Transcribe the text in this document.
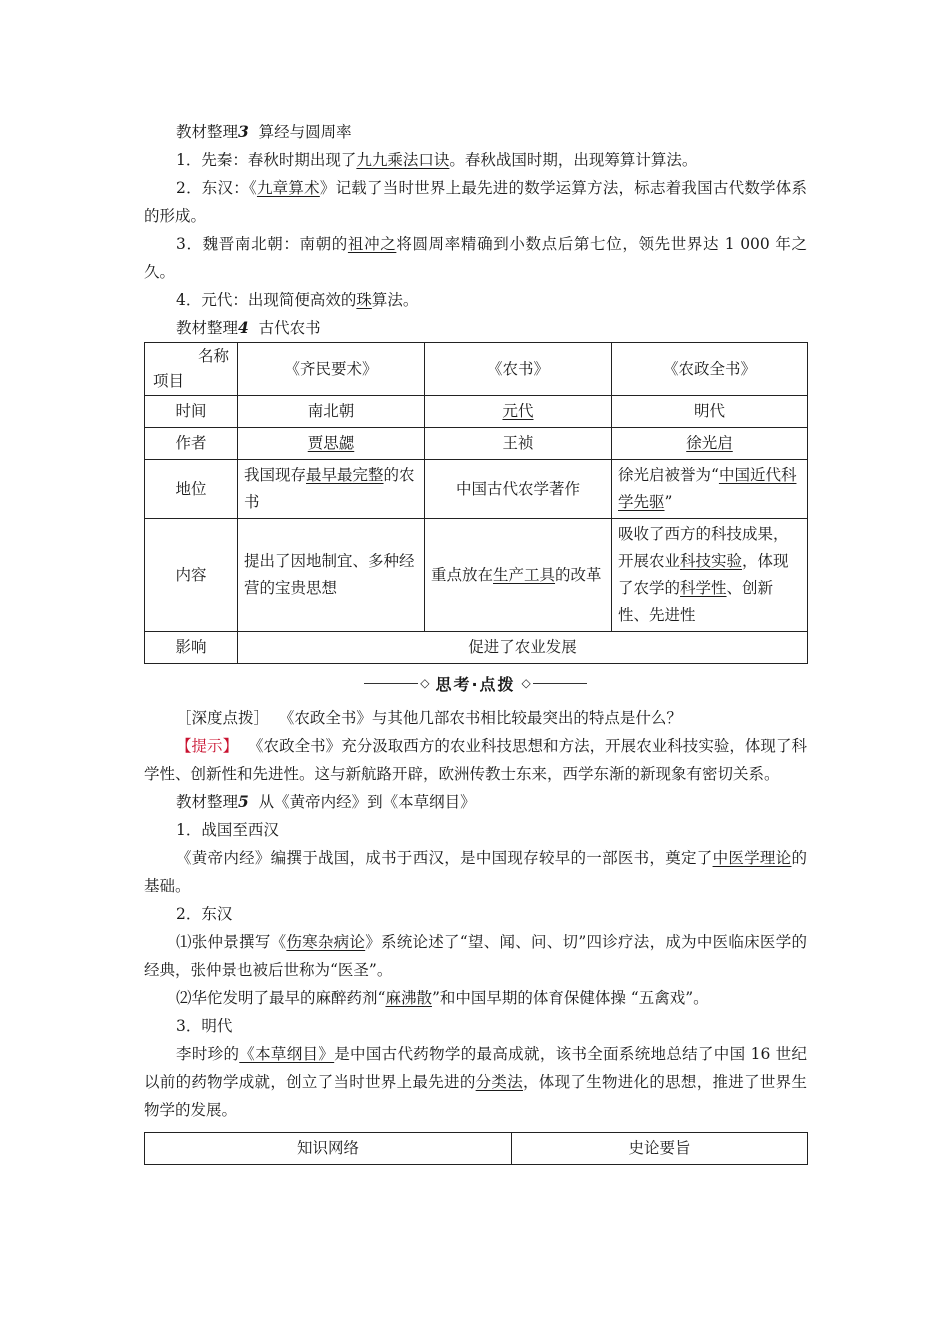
教材整理3 算经与圆周率

1．先秦：春秋时期出现了九九乘法口诀。春秋战国时期，出现筹算计算法。

2．东汉：《九章算术》记载了当时世界上最先进的数学运算方法，标志着我国古代数学体系的形成。

3．魏晋南北朝：南朝的祖冲之将圆周率精确到小数点后第七位，领先世界达 1 000 年之久。

4．元代：出现简便高效的珠算法。

教材整理4 古代农书

名称
项目	《齐民要术》	《农书》	《农政全书》
时间	南北朝	元代	明代
作者	贾思勰	王祯	徐光启
地位	我国现存最早最完整的农书	中国古代农学著作	徐光启被誉为“中国近代科学先驱”
内容	提出了因地制宜、多种经营的宝贵思想	重点放在生产工具的改革	吸收了西方的科技成果，开展农业科技实验，体现了农学的科学性、创新性、先进性
影响	促进了农业发展		
◇ 思考·点拨 ◇

［深度点拨］ 《农政全书》与其他几部农书相比较最突出的特点是什么？

【提示】 《农政全书》充分汲取西方的农业科技思想和方法，开展农业科技实验，体现了科学性、创新性和先进性。这与新航路开辟，欧洲传教士东来，西学东渐的新现象有密切关系。

教材整理5 从《黄帝内经》到《本草纲目》

1．战国至西汉

《黄帝内经》编撰于战国，成书于西汉，是中国现存较早的一部医书，奠定了中医学理论的基础。

2．东汉

⑴张仲景撰写《伤寒杂病论》系统论述了“望、闻、问、切”四诊疗法，成为中医临床医学的经典，张仲景也被后世称为“医圣”。

⑵华佗发明了最早的麻醉药剂“麻沸散”和中国早期的体育保健体操 “五禽戏”。

3．明代

李时珍的《本草纲目》是中国古代药物学的最高成就，该书全面系统地总结了中国 16 世纪以前的药物学成就，创立了当时世界上最先进的分类法，体现了生物进化的思想，推进了世界生物学的发展。

知识网络	史论要旨
